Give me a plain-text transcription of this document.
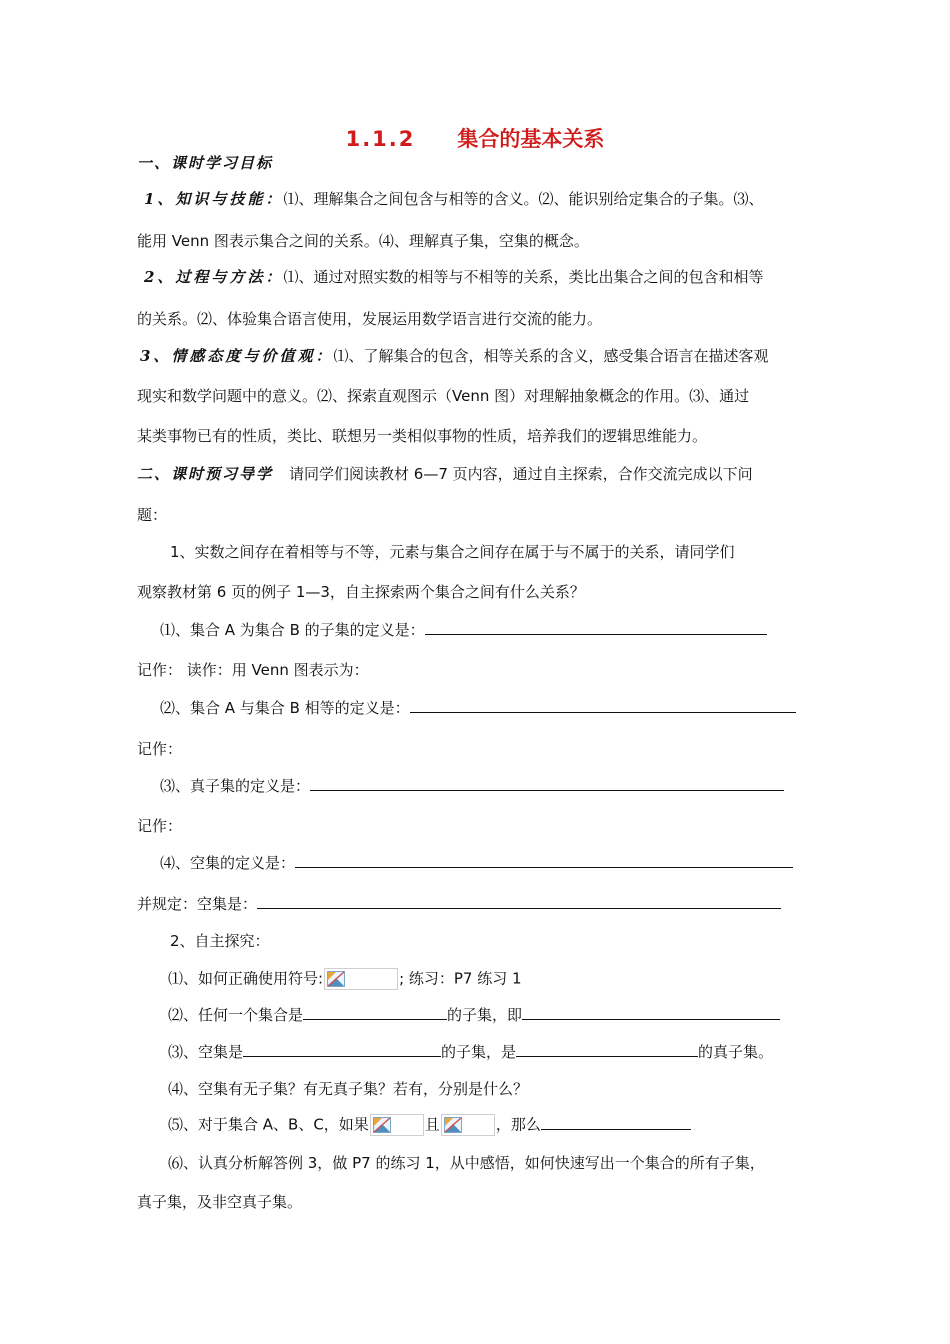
1.1.2 集合的基本关系
一、课时学习目标
1、知识与技能：⑴、理解集合之间包含与相等的含义。⑵、能识别给定集合的子集。⑶、
能用 Venn 图表示集合之间的关系。⑷、理解真子集，空集的概念。
2、过程与方法：⑴、通过对照实数的相等与不相等的关系，类比出集合之间的包含和相等
的关系。⑵、体验集合语言使用，发展运用数学语言进行交流的能力。
3、情感态度与价值观：⑴、了解集合的包含，相等关系的含义，感受集合语言在描述客观
现实和数学问题中的意义。⑵、探索直观图示（Venn 图）对理解抽象概念的作用。⑶、通过
某类事物已有的性质，类比、联想另一类相似事物的性质，培养我们的逻辑思维能力。
二、课时预习导学 请同学们阅读教材 6—7 页内容，通过自主探索，合作交流完成以下问
题：
1、实数之间存在着相等与不等，元素与集合之间存在属于与不属于的关系，请同学们
观察教材第 6 页的例子 1—3，自主探索两个集合之间有什么关系？
⑴、集合 A 为集合 B 的子集的定义是：
记作： 读作：用 Venn 图表示为：
⑵、集合 A 与集合 B 相等的定义是：
记作：
⑶、真子集的定义是：
记作：
⑷、空集的定义是：
并规定：空集是：
2、自主探究：
⑴、如何正确使用符号:	; 练习：P7 练习 1
⑵、任何一个集合是	的子集，即
⑶、空集是	的子集，是	的真子集。
⑷、空集有无子集？有无真子集？若有，分别是什么？
⑸、对于集合 A、B、C，如果	且	，那么
⑹、认真分析解答例 3，做 P7 的练习 1，从中感悟，如何快速写出一个集合的所有子集，
真子集，及非空真子集。
